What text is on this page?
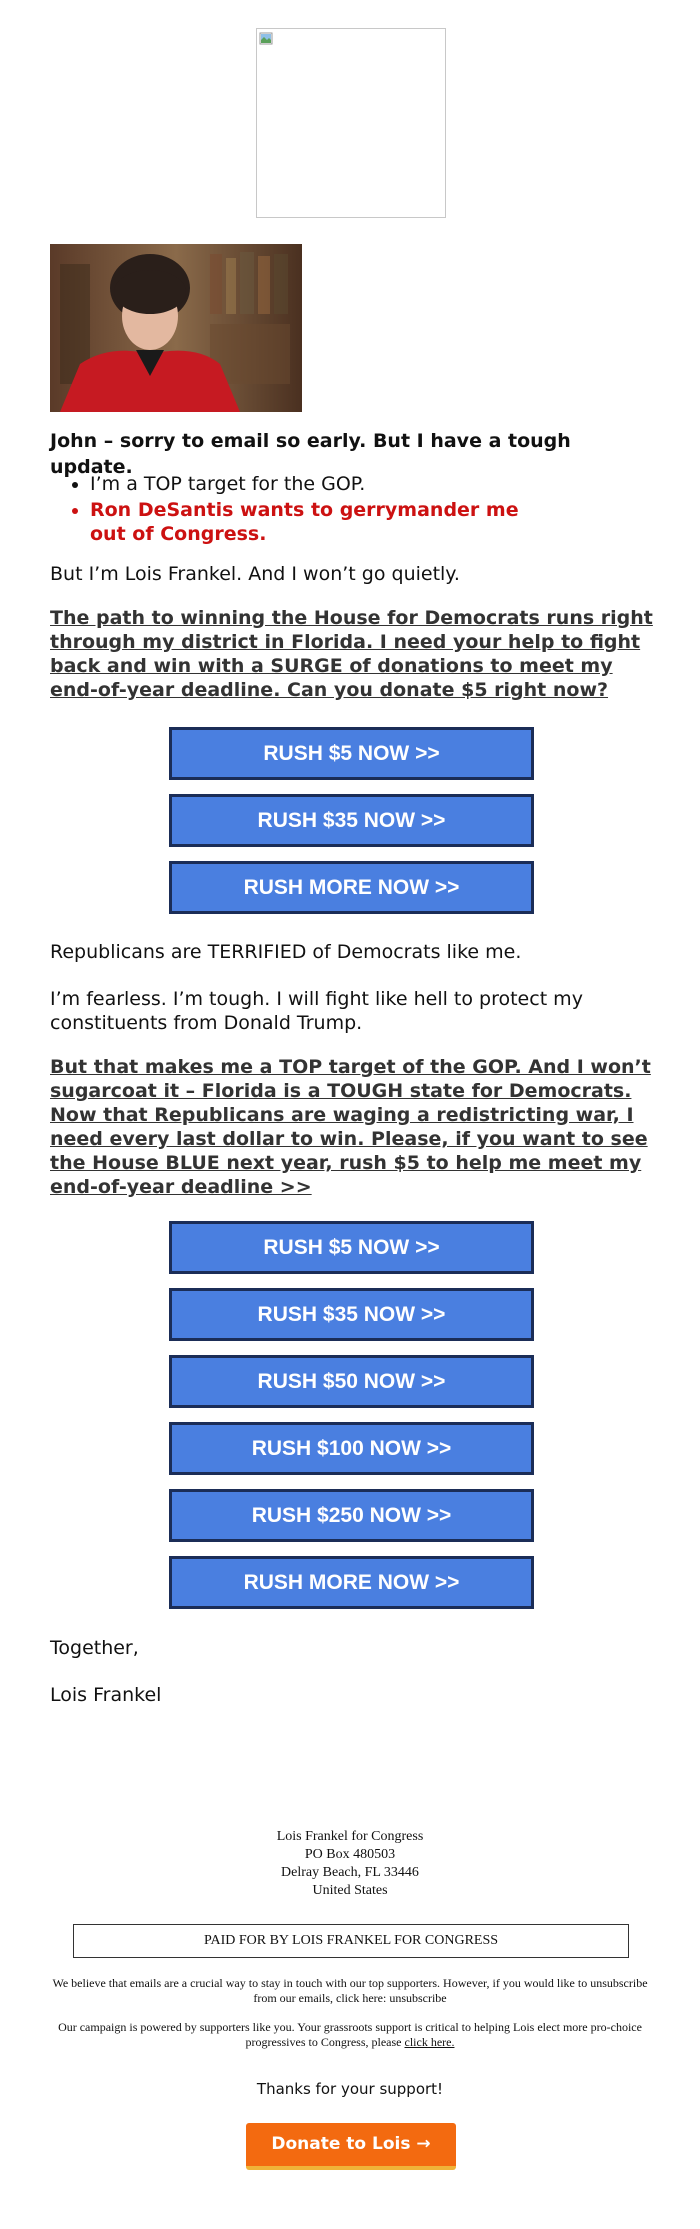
John – sorry to email so early. But I have a tough update.
• I’m a TOP target for the GOP.
• Ron DeSantis wants to gerrymander me out of Congress.
But I’m Lois Frankel. And I won’t go quietly.
The path to winning the House for Democrats runs right through my district in Florida. I need your help to fight back and win with a SURGE of donations to meet my end-of-year deadline. Can you donate $5 right now?
RUSH $5 NOW >>
RUSH $35 NOW >>
RUSH MORE NOW >>
Republicans are TERRIFIED of Democrats like me.
I’m fearless. I’m tough. I will fight like hell to protect my constituents from Donald Trump.
But that makes me a TOP target of the GOP. And I won’t sugarcoat it – Florida is a TOUGH state for Democrats. Now that Republicans are waging a redistricting war, I need every last dollar to win. Please, if you want to see the House BLUE next year, rush $5 to help me meet my end-of-year deadline >>
RUSH $5 NOW >>
RUSH $35 NOW >>
RUSH $50 NOW >>
RUSH $100 NOW >>
RUSH $250 NOW >>
RUSH MORE NOW >>
Together,
Lois Frankel
Lois Frankel for Congress
PO Box 480503
Delray Beach, FL 33446
United States
PAID FOR BY LOIS FRANKEL FOR CONGRESS
We believe that emails are a crucial way to stay in touch with our top supporters. However, if you would like to unsubscribe from our emails, click here: unsubscribe
Our campaign is powered by supporters like you. Your grassroots support is critical to helping Lois elect more pro-choice progressives to Congress, please click here.
Thanks for your support!
Donate to Lois →
